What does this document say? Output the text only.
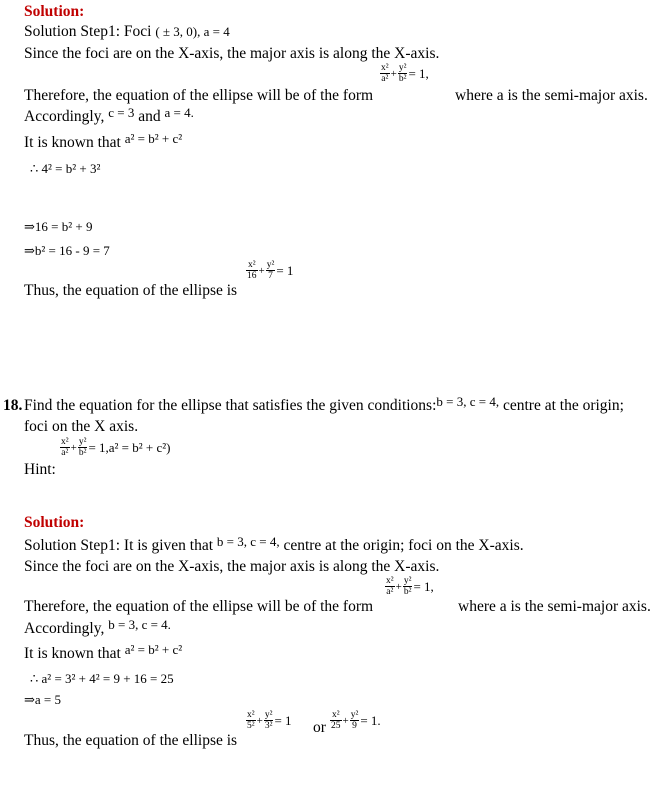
Solution:
Solution Step1: Foci ( ± 3, 0), a = 4
Since the foci are on the X-axis, the major axis is along the X-axis.
$\frac{\text{x²}}{\text{a²}} + \frac{\text{y²}}{\text{b²}} = 1$,
Therefore, the equation of the ellipse will be of the form	where a is the semi-major axis.
Accordingly, $^{c = 3}$ and $^{a = 4.}$
It is known that $^{a^2 = b^2 + c^2}$
∴ 4² = b² + 3²
⇒16 = b² + 9
⇒b² = 16 - 9 = 7
$\frac{\text{x²}}{16} + \frac{\text{y²}}{7} = 1$
Thus, the equation of the ellipse is
18. Find the equation for the ellipse that satisfies the given conditions:$^{b = 3, c = 4,}$ centre at the origin;
foci on the X axis.
$\frac{\text{x²}}{\text{a²}} + \frac{\text{y²}}{\text{b²}} = 1,a^2 = b^2 + c^2$)
Hint:
Solution:
Solution Step1: It is given that $^{b = 3, c = 4,}$ centre at the origin; foci on the X-axis.
Since the foci are on the X-axis, the major axis is along the X-axis.
$\frac{\text{x²}}{\text{a²}} + \frac{\text{y²}}{\text{b²}} = 1$,
Therefore, the equation of the ellipse will be of the form	where a is the semi-major axis.
Accordingly, $^{b = 3, c = 4.}$
It is known that $^{a^2 = b^2 + c^2}$
∴ a² = 3² + 4² = 9 + 16 = 25
⇒a = 5
$\frac{\text{x²}}{\text{5²}} + \frac{\text{y²}}{\text{3²}} = 1$ or $\frac{\text{x²}}{25} + \frac{\text{y²}}{9} = 1$.
Thus, the equation of the ellipse is
